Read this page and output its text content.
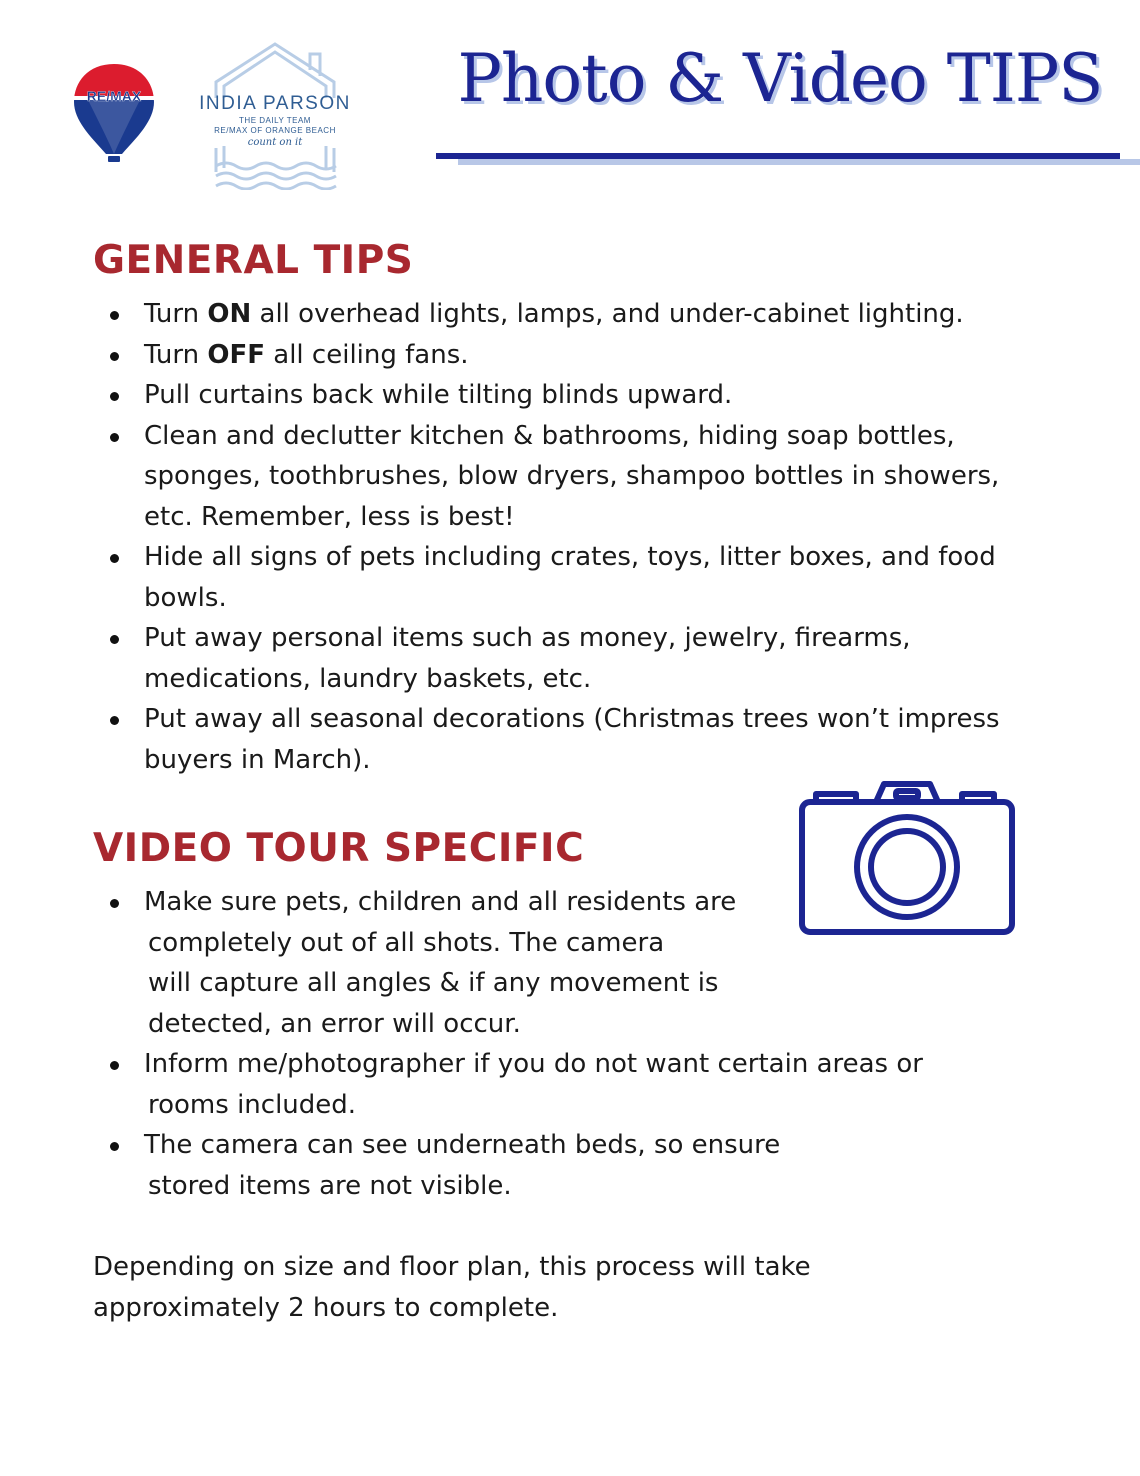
RE/MAX	INDIA PARSON
THE DAILY TEAM
RE/MAX OF ORANGE BEACH
count on it
Photo & Video TIPS
GENERAL TIPS
Turn ON all overhead lights, lamps, and under-cabinet lighting.
Turn OFF all ceiling fans.
Pull curtains back while tilting blinds upward.
Clean and declutter kitchen & bathrooms, hiding soap bottles, sponges, toothbrushes, blow dryers, shampoo bottles in showers, etc. Remember, less is best!
Hide all signs of pets including crates, toys, litter boxes, and food bowls.
Put away personal items such as money, jewelry, firearms, medications, laundry baskets, etc.
Put away all seasonal decorations (Christmas trees won’t impress buyers in March).
VIDEO TOUR SPECIFIC
Make sure pets, children and all residents are
completely out of all shots. The camera
will capture all angles & if any movement is
detected, an error will occur.
Inform me/photographer if you do not want certain areas or
rooms included.
The camera can see underneath beds, so ensure
stored items are not visible.
Depending on size and floor plan, this process will take
approximately 2 hours to complete.
